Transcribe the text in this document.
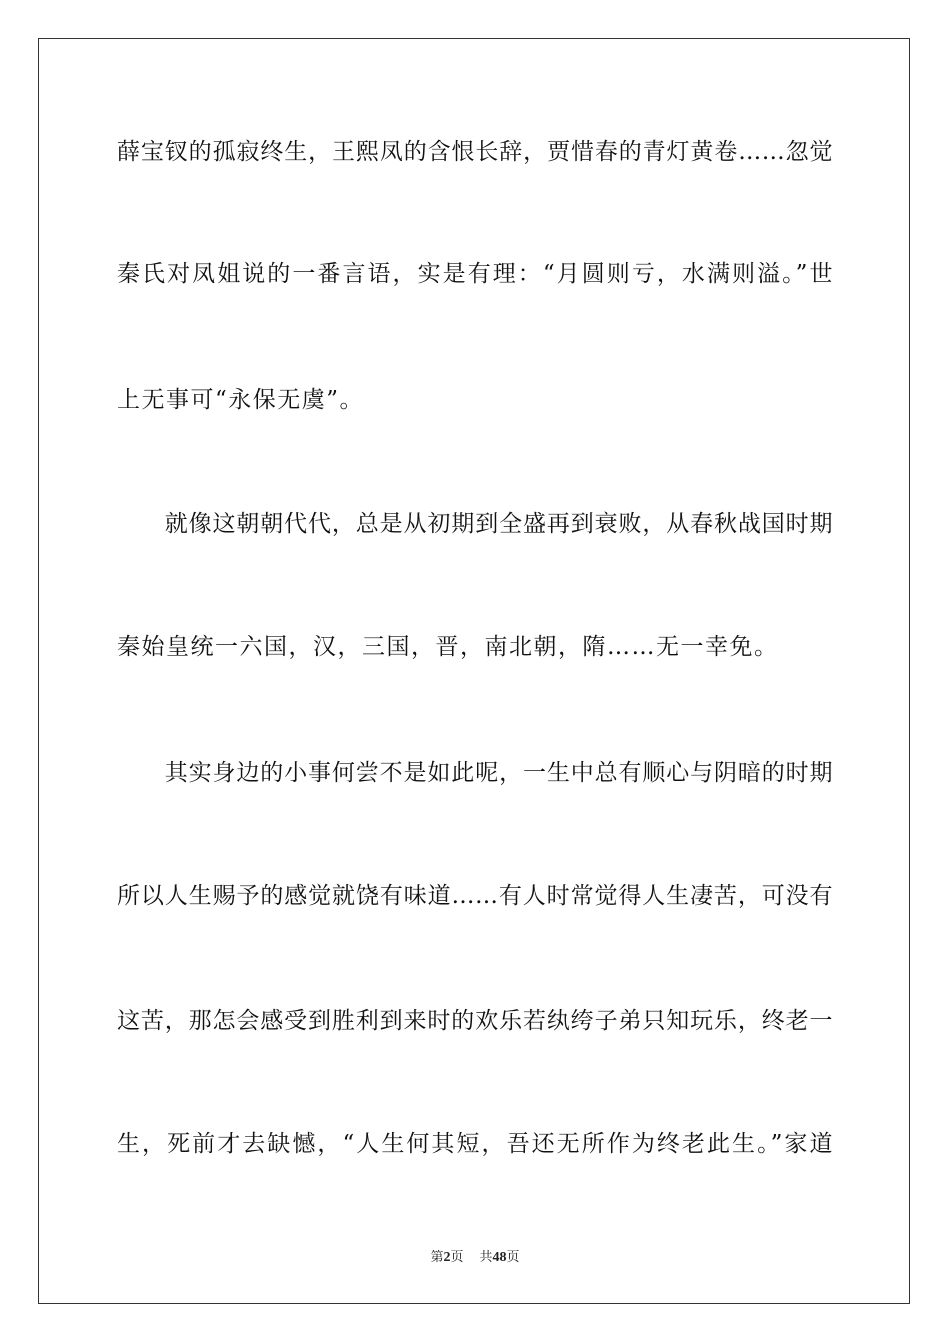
薛宝钗的孤寂终生，王熙凤的含恨长辞，贾惜春的青灯黄卷……忽觉
秦氏对凤姐说的一番言语，实是有理：“月圆则亏，水满则溢。”世
上无事可“永保无虞”。
　　就像这朝朝代代，总是从初期到全盛再到衰败，从春秋战国时期
秦始皇统一六国，汉，三国，晋，南北朝，隋……无一幸免。
　　其实身边的小事何尝不是如此呢，一生中总有顺心与阴暗的时期
所以人生赐予的感觉就饶有味道……有人时常觉得人生凄苦，可没有
这苦，那怎会感受到胜利到来时的欢乐若纨绔子弟只知玩乐，终老一
生，死前才去缺憾，“人生何其短，吾还无所作为终老此生。”家道
第2页 共48页
